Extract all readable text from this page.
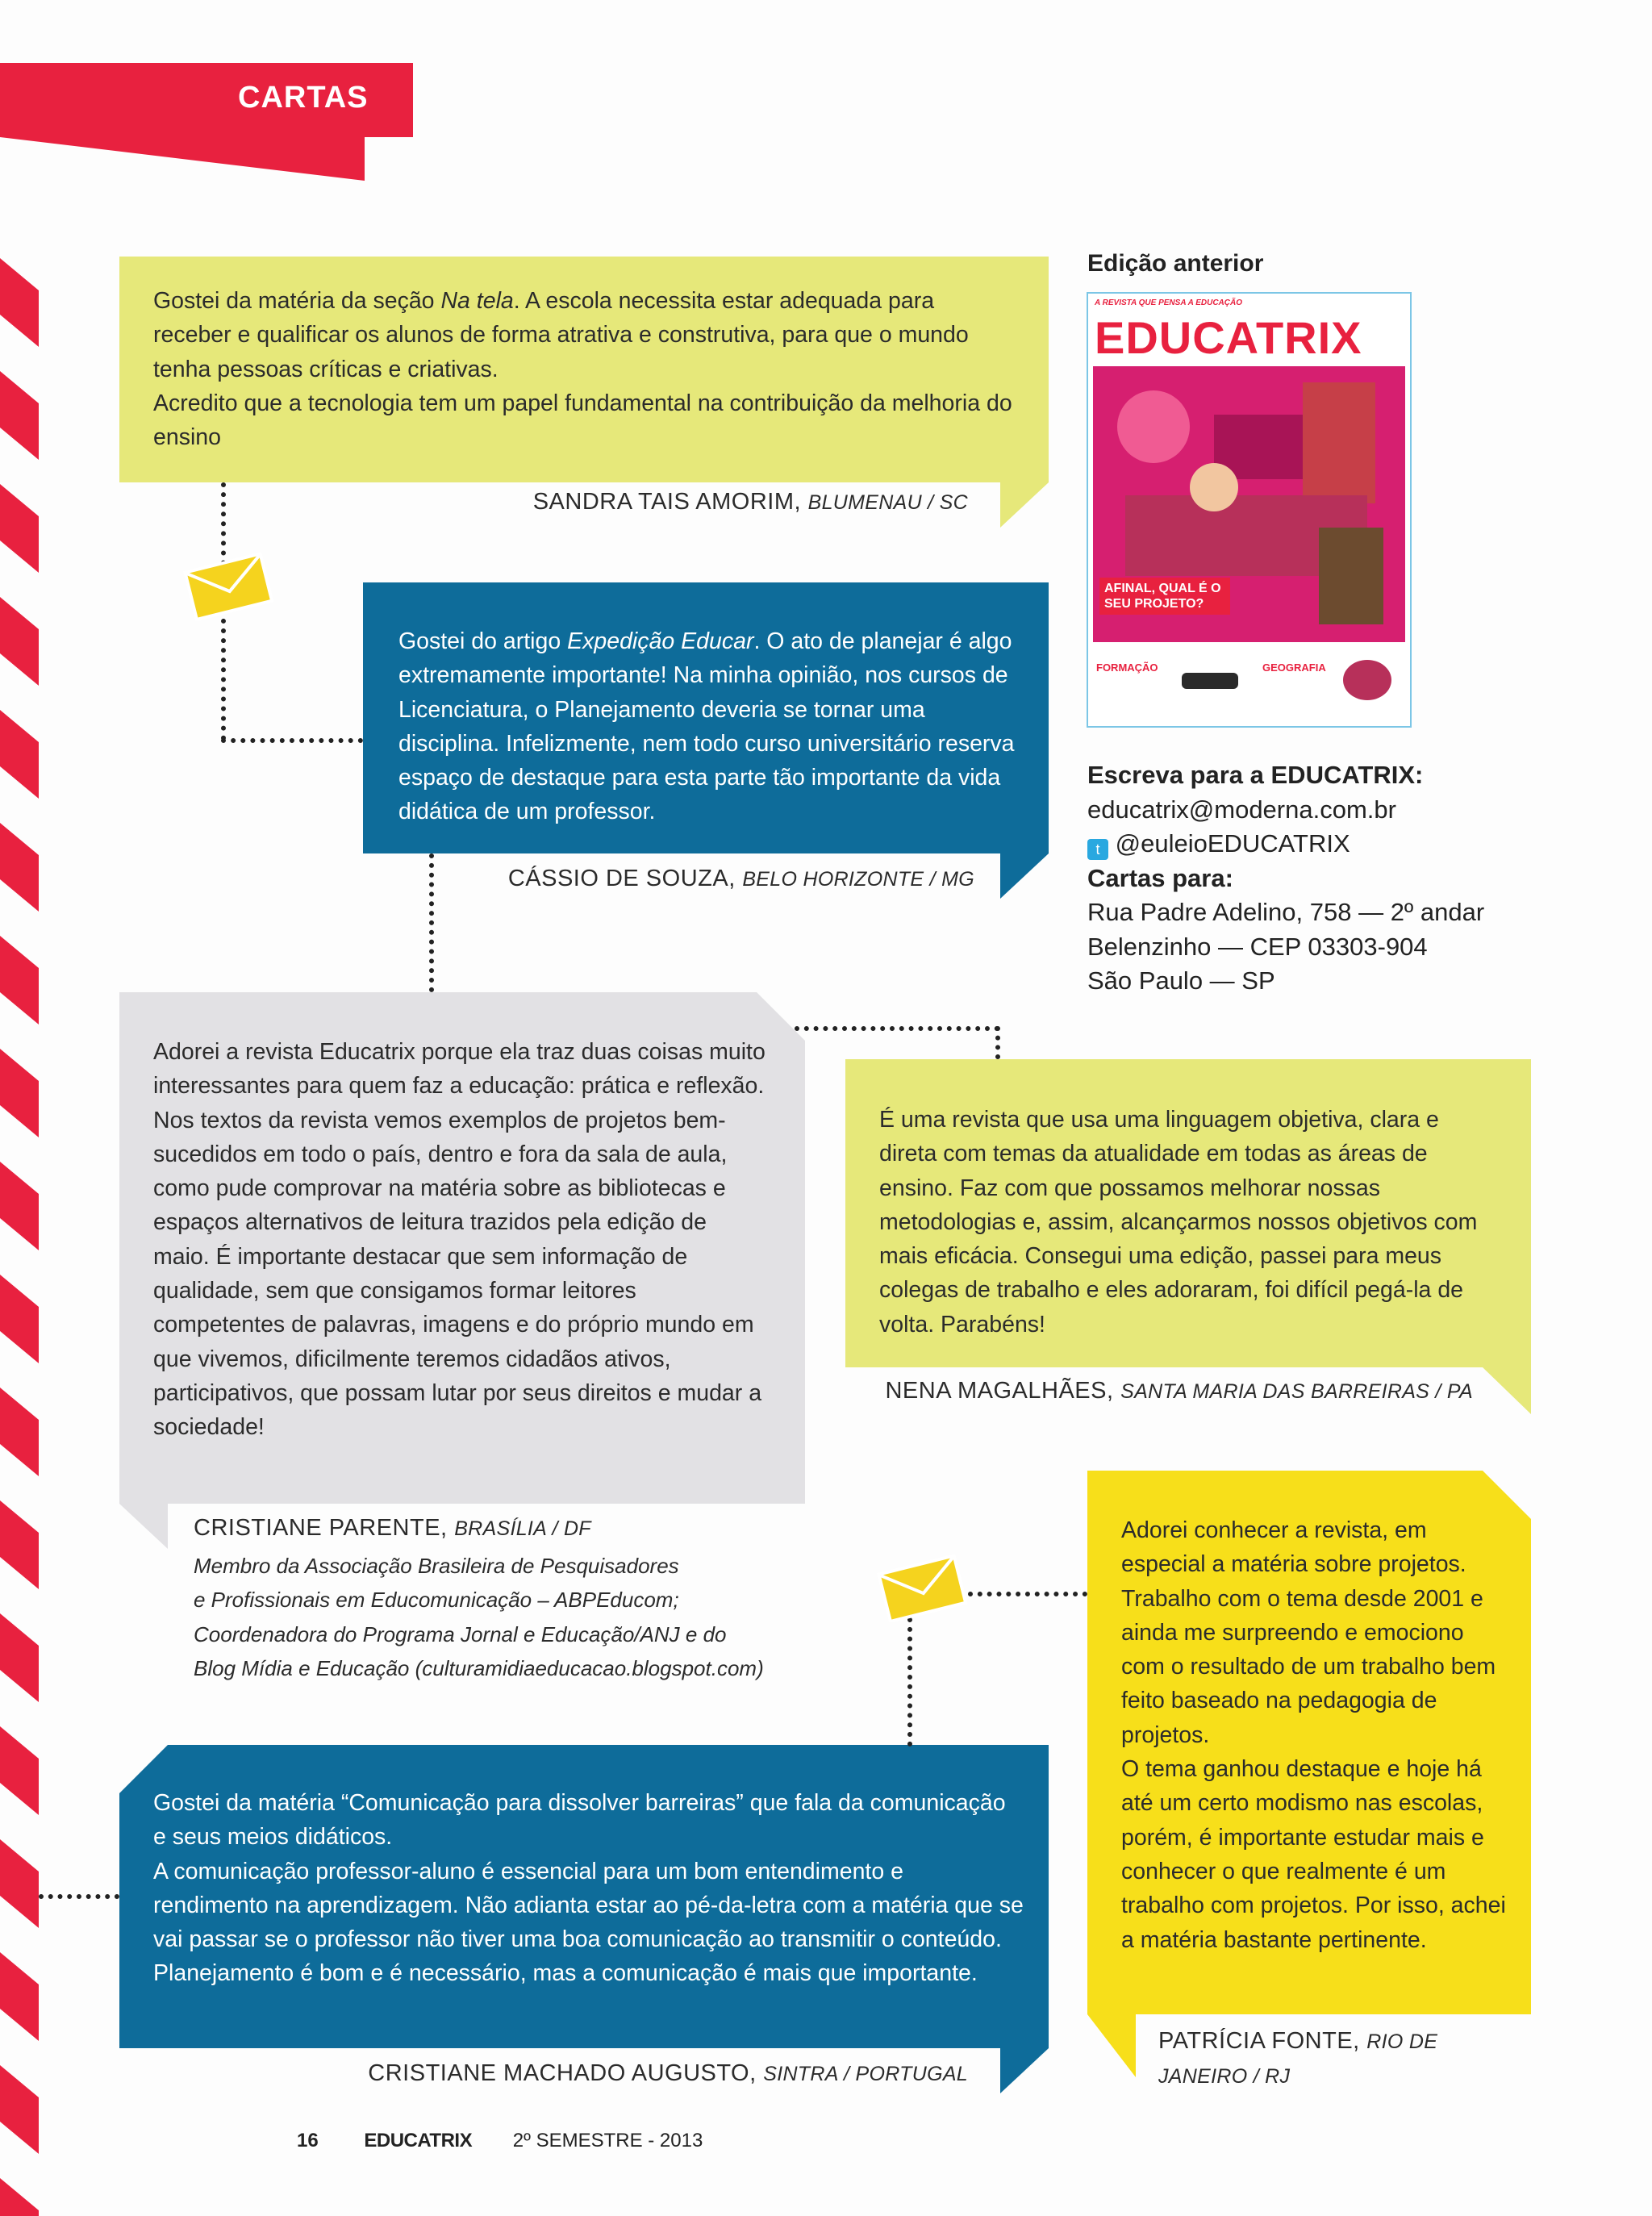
CARTAS
Gostei da matéria da seção Na tela. A escola necessita estar adequada para receber e qualificar os alunos de forma atrativa e construtiva, para que o mundo tenha pessoas críticas e criativas.
Acredito que a tecnologia tem um papel fundamental na contribuição da melhoria do ensino
SANDRA TAIS AMORIM, BLUMENAU / SC
Gostei do artigo Expedição Educar. O ato de planejar é algo extremamente importante! Na minha opinião, nos cursos de Licenciatura, o Planejamento deveria se tornar uma disciplina. Infelizmente, nem todo curso universitário reserva espaço de destaque para esta parte tão importante da vida didática de um professor.
CÁSSIO DE SOUZA, BELO HORIZONTE / MG
Adorei a revista Educatrix porque ela traz duas coisas muito interessantes para quem faz a educação: prática e reflexão. Nos textos da revista vemos exemplos de projetos bem-sucedidos em todo o país, dentro e fora da sala de aula, como pude comprovar na matéria sobre as bibliotecas e espaços alternativos de leitura trazidos pela edição de maio. É importante destacar que sem informação de qualidade, sem que consigamos formar leitores competentes de palavras, imagens e do próprio mundo em que vivemos, dificilmente teremos cidadãos ativos, participativos, que possam lutar por seus direitos e mudar a sociedade!
CRISTIANE PARENTE, BRASÍLIA / DF
Membro da Associação Brasileira de Pesquisadores
e Profissionais em Educomunicação – ABPEducom;
Coordenadora do Programa Jornal e Educação/ANJ e do
Blog Mídia e Educação (culturamidiaeducacao.blogspot.com)
É uma revista que usa uma linguagem objetiva, clara e direta com temas da atualidade em todas as áreas de ensino. Faz com que possamos melhorar nossas metodologias e, assim, alcançarmos nossos objetivos com mais eficácia. Consegui uma edição, passei para meus colegas de trabalho e eles adoraram, foi difícil pegá-la de volta. Parabéns!
NENA MAGALHÃES, SANTA MARIA DAS BARREIRAS / PA
Adorei conhecer a revista, em especial a matéria sobre projetos. Trabalho com o tema desde 2001 e ainda me surpreendo e emociono com o resultado de um trabalho bem feito baseado na pedagogia de projetos.
O tema ganhou destaque e hoje há até um certo modismo nas escolas, porém, é importante estudar mais e conhecer o que realmente é um trabalho com projetos. Por isso, achei a matéria bastante pertinente.
PATRÍCIA FONTE, RIO DE
JANEIRO / RJ
Gostei da matéria “Comunicação para dissolver barreiras” que fala da comunicação e seus meios didáticos.
A comunicação professor-aluno é essencial para um bom entendimento e rendimento na aprendizagem. Não adianta estar ao pé-da-letra com a matéria que se vai passar se o professor não tiver uma boa comunicação ao transmitir o conteúdo. Planejamento é bom e é necessário, mas a comunicação é mais que importante.
CRISTIANE MACHADO AUGUSTO, SINTRA / PORTUGAL
Edição anterior
A REVISTA QUE PENSA A EDUCAÇÃO
EDUCATRIX
AFINAL, QUAL É O SEU PROJETO?
FORMAÇÃO	GEOGRAFIA
Escreva para a EDUCATRIX:
educatrix@moderna.com.br
t @euleioEDUCATRIX
Cartas para:
Rua Padre Adelino, 758 — 2º andar
Belenzinho — CEP 03303-904
São Paulo — SP
16 EDUCATRIX 2º SEMESTRE - 2013
